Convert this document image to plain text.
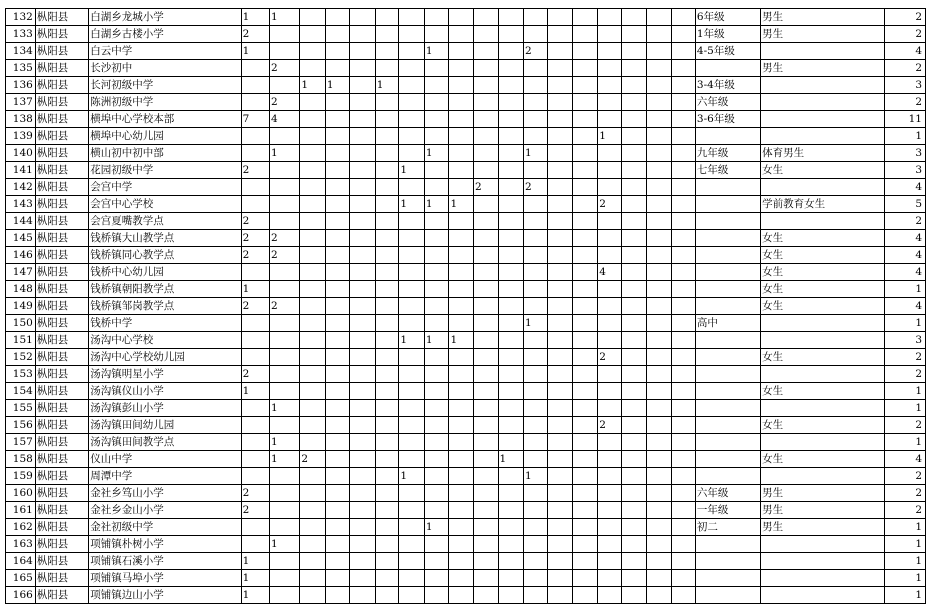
132	枞阳县	白湖乡龙城小学	1	1																	6年级	男生	2
133	枞阳县	白湖乡古楼小学	2																		1年级	男生	2
134	枞阳县	白云中学	1							1				2							4-5年级		4
135	枞阳县	长沙初中		2																		男生	2
136	枞阳县	长河初级中学			1	1		1													3-4年级		3
137	枞阳县	陈洲初级中学		2																	六年级		2
138	枞阳县	横埠中心学校本部	7	4																	3-6年级		11
139	枞阳县	横埠中心幼儿园															1						1
140	枞阳县	横山初中初中部		1						1				1							九年级	体育男生	3
141	枞阳县	花园初级中学	2						1												七年级	女生	3
142	枞阳县	会宫中学										2		2									4
143	枞阳县	会宫中心学校							1	1	1						2					学前教育女生	5
144	枞阳县	会宫夏嘴教学点	2																				2
145	枞阳县	钱桥镇大山教学点	2	2																		女生	4
146	枞阳县	钱桥镇同心教学点	2	2																		女生	4
147	枞阳县	钱桥中心幼儿园															4					女生	4
148	枞阳县	钱桥镇朝阳教学点	1																			女生	1
149	枞阳县	钱桥镇邹岗教学点	2	2																		女生	4
150	枞阳县	钱桥中学												1							高中		1
151	枞阳县	汤沟中心学校							1	1	1												3
152	枞阳县	汤沟中心学校幼儿园															2					女生	2
153	枞阳县	汤沟镇明星小学	2																				2
154	枞阳县	汤沟镇仪山小学	1																			女生	1
155	枞阳县	汤沟镇彭山小学		1																			1
156	枞阳县	汤沟镇田间幼儿园															2					女生	2
157	枞阳县	汤沟镇田间教学点		1																			1
158	枞阳县	仪山中学		1	2								1									女生	4
159	枞阳县	周潭中学							1					1									2
160	枞阳县	金社乡笃山小学	2																		六年级	男生	2
161	枞阳县	金社乡金山小学	2																		一年级	男生	2
162	枞阳县	金社初级中学								1											初二	男生	1
163	枞阳县	项铺镇朴树小学		1																			1
164	枞阳县	项铺镇石溪小学	1																				1
165	枞阳县	项铺镇马埠小学	1																				1
166	枞阳县	项铺镇边山小学	1																				1
